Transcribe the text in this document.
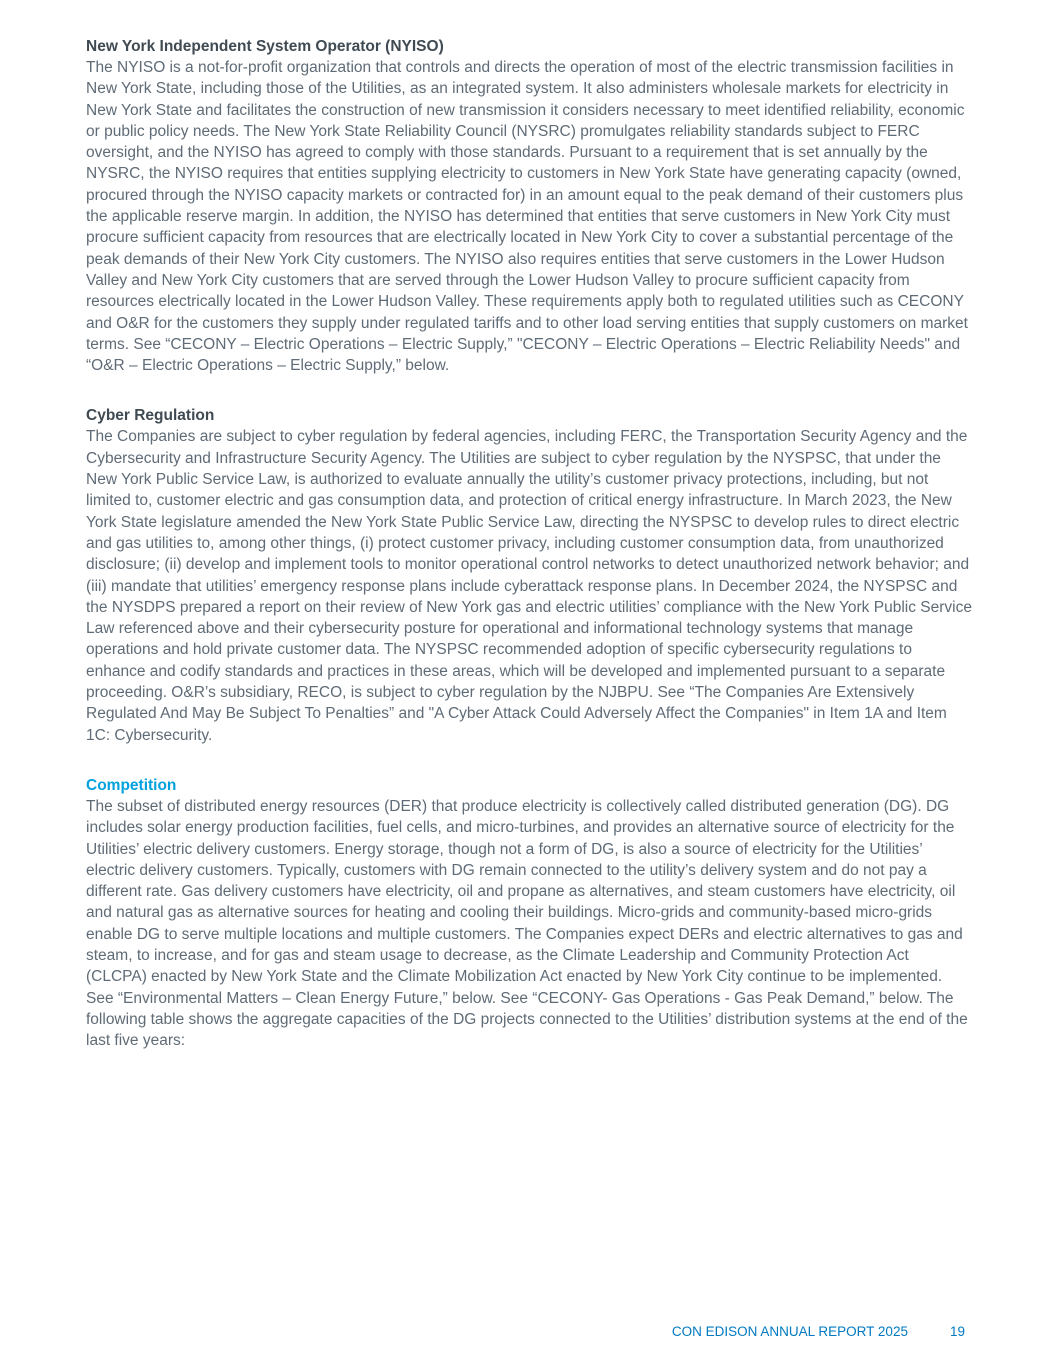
New York Independent System Operator (NYISO)

The NYISO is a not-for-profit organization that controls and directs the operation of most of the electric transmission facilities in New York State, including those of the Utilities, as an integrated system. It also administers wholesale markets for electricity in New York State and facilitates the construction of new transmission it considers necessary to meet identified reliability, economic or public policy needs. The New York State Reliability Council (NYSRC) promulgates reliability standards subject to FERC oversight, and the NYISO has agreed to comply with those standards. Pursuant to a requirement that is set annually by the NYSRC, the NYISO requires that entities supplying electricity to customers in New York State have generating capacity (owned, procured through the NYISO capacity markets or contracted for) in an amount equal to the peak demand of their customers plus the applicable reserve margin. In addition, the NYISO has determined that entities that serve customers in New York City must procure sufficient capacity from resources that are electrically located in New York City to cover a substantial percentage of the peak demands of their New York City customers. The NYISO also requires entities that serve customers in the Lower Hudson Valley and New York City customers that are served through the Lower Hudson Valley to procure sufficient capacity from resources electrically located in the Lower Hudson Valley. These requirements apply both to regulated utilities such as CECONY and O&R for the customers they supply under regulated tariffs and to other load serving entities that supply customers on market terms. See “CECONY – Electric Operations – Electric Supply,” "CECONY – Electric Operations – Electric Reliability Needs" and “O&R – Electric Operations – Electric Supply,” below.

Cyber Regulation

The Companies are subject to cyber regulation by federal agencies, including FERC, the Transportation Security Agency and the Cybersecurity and Infrastructure Security Agency. The Utilities are subject to cyber regulation by the NYSPSC, that under the New York Public Service Law, is authorized to evaluate annually the utility’s customer privacy protections, including, but not limited to, customer electric and gas consumption data, and protection of critical energy infrastructure. In March 2023, the New York State legislature amended the New York State Public Service Law, directing the NYSPSC to develop rules to direct electric and gas utilities to, among other things, (i) protect customer privacy, including customer consumption data, from unauthorized disclosure; (ii) develop and implement tools to monitor operational control networks to detect unauthorized network behavior; and (iii) mandate that utilities’ emergency response plans include cyberattack response plans. In December 2024, the NYSPSC and the NYSDPS prepared a report on their review of New York gas and electric utilities’ compliance with the New York Public Service Law referenced above and their cybersecurity posture for operational and informational technology systems that manage operations and hold private customer data. The NYSPSC recommended adoption of specific cybersecurity regulations to enhance and codify standards and practices in these areas, which will be developed and implemented pursuant to a separate proceeding. O&R’s subsidiary, RECO, is subject to cyber regulation by the NJBPU. See “The Companies Are Extensively Regulated And May Be Subject To Penalties” and "A Cyber Attack Could Adversely Affect the Companies" in Item 1A and Item 1C: Cybersecurity.

Competition

The subset of distributed energy resources (DER) that produce electricity is collectively called distributed generation (DG). DG includes solar energy production facilities, fuel cells, and micro-turbines, and provides an alternative source of electricity for the Utilities’ electric delivery customers. Energy storage, though not a form of DG, is also a source of electricity for the Utilities’ electric delivery customers. Typically, customers with DG remain connected to the utility’s delivery system and do not pay a different rate. Gas delivery customers have electricity, oil and propane as alternatives, and steam customers have electricity, oil and natural gas as alternative sources for heating and cooling their buildings. Micro-grids and community-based micro-grids enable DG to serve multiple locations and multiple customers. The Companies expect DERs and electric alternatives to gas and steam, to increase, and for gas and steam usage to decrease, as the Climate Leadership and Community Protection Act (CLCPA) enacted by New York State and the Climate Mobilization Act enacted by New York City continue to be implemented. See “Environmental Matters – Clean Energy Future,” below. See “CECONY- Gas Operations - Gas Peak Demand,” below. The following table shows the aggregate capacities of the DG projects connected to the Utilities’ distribution systems at the end of the last five years:

CON EDISON ANNUAL REPORT 2025	19
